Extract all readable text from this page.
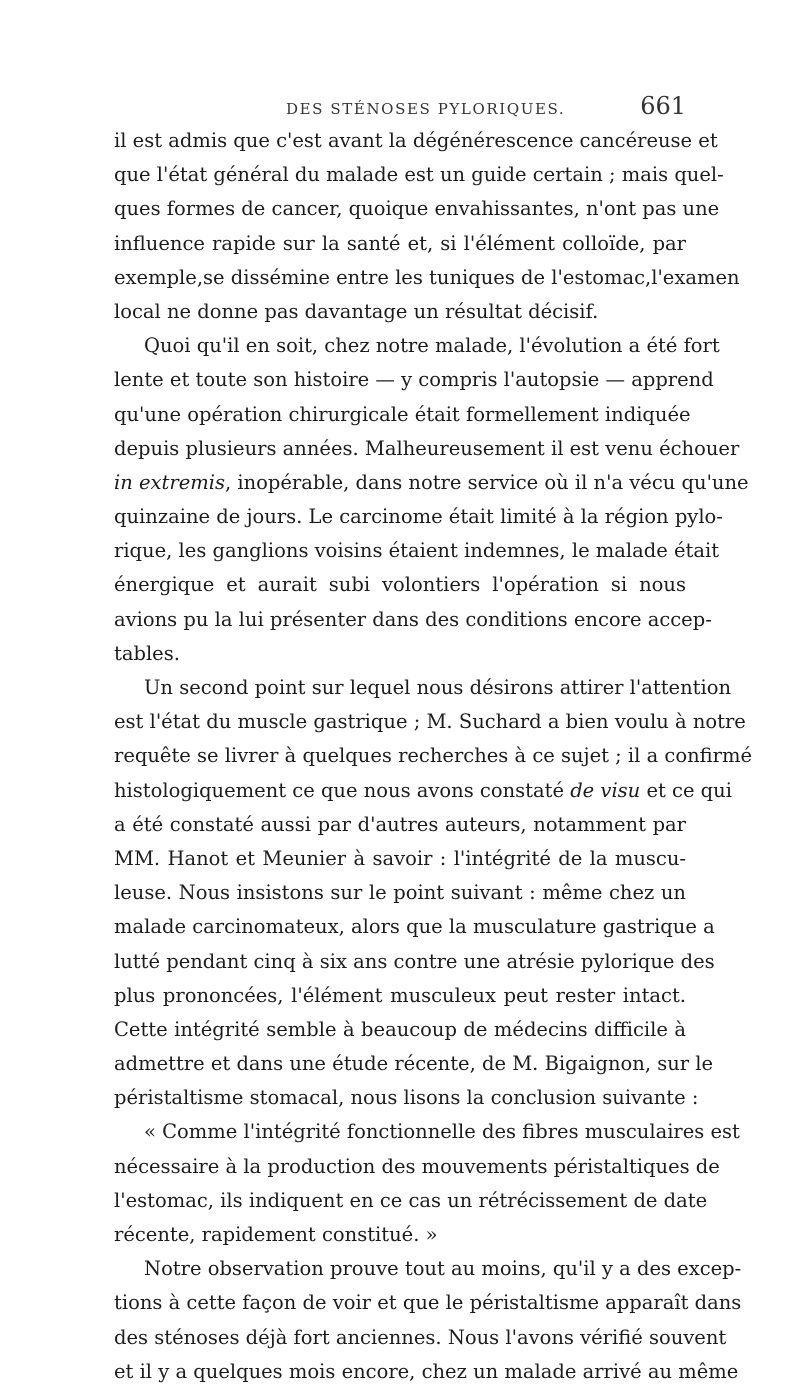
DES STÉNOSES PYLORIQUES.	661
il est admis que c'est avant la dégénérescence cancéreuse et
que l'état général du malade est un guide certain ; mais quel-
ques formes de cancer, quoique envahissantes, n'ont pas une
influence rapide sur la santé et, si l'élément colloïde, par
exemple,se dissémine entre les tuniques de l'estomac,l'examen
local ne donne pas davantage un résultat décisif.
Quoi qu'il en soit, chez notre malade, l'évolution a été fort
lente et toute son histoire — y compris l'autopsie — apprend
qu'une opération chirurgicale était formellement indiquée
depuis plusieurs années. Malheureusement il est venu échouer
in extremis, inopérable, dans notre service où il n'a vécu qu'une
quinzaine de jours. Le carcinome était limité à la région pylo-
rique, les ganglions voisins étaient indemnes, le malade était
énergique et aurait subi volontiers l'opération si nous
avions pu la lui présenter dans des conditions encore accep-
tables.
Un second point sur lequel nous désirons attirer l'attention
est l'état du muscle gastrique ; M. Suchard a bien voulu à notre
requête se livrer à quelques recherches à ce sujet ; il a confirmé
histologiquement ce que nous avons constaté de visu et ce qui
a été constaté aussi par d'autres auteurs, notamment par
MM. Hanot et Meunier à savoir : l'intégrité de la muscu-
leuse. Nous insistons sur le point suivant : même chez un
malade carcinomateux, alors que la musculature gastrique a
lutté pendant cinq à six ans contre une atrésie pylorique des
plus prononcées, l'élément musculeux peut rester intact.
Cette intégrité semble à beaucoup de médecins difficile à
admettre et dans une étude récente, de M. Bigaignon, sur le
péristaltisme stomacal, nous lisons la conclusion suivante :
« Comme l'intégrité fonctionnelle des fibres musculaires est
nécessaire à la production des mouvements péristaltiques de
l'estomac, ils indiquent en ce cas un rétrécissement de date
récente, rapidement constitué. »
Notre observation prouve tout au moins, qu'il y a des excep-
tions à cette façon de voir et que le péristaltisme apparaît dans
des sténoses déjà fort anciennes. Nous l'avons vérifié souvent
et il y a quelques mois encore, chez un malade arrivé au même
